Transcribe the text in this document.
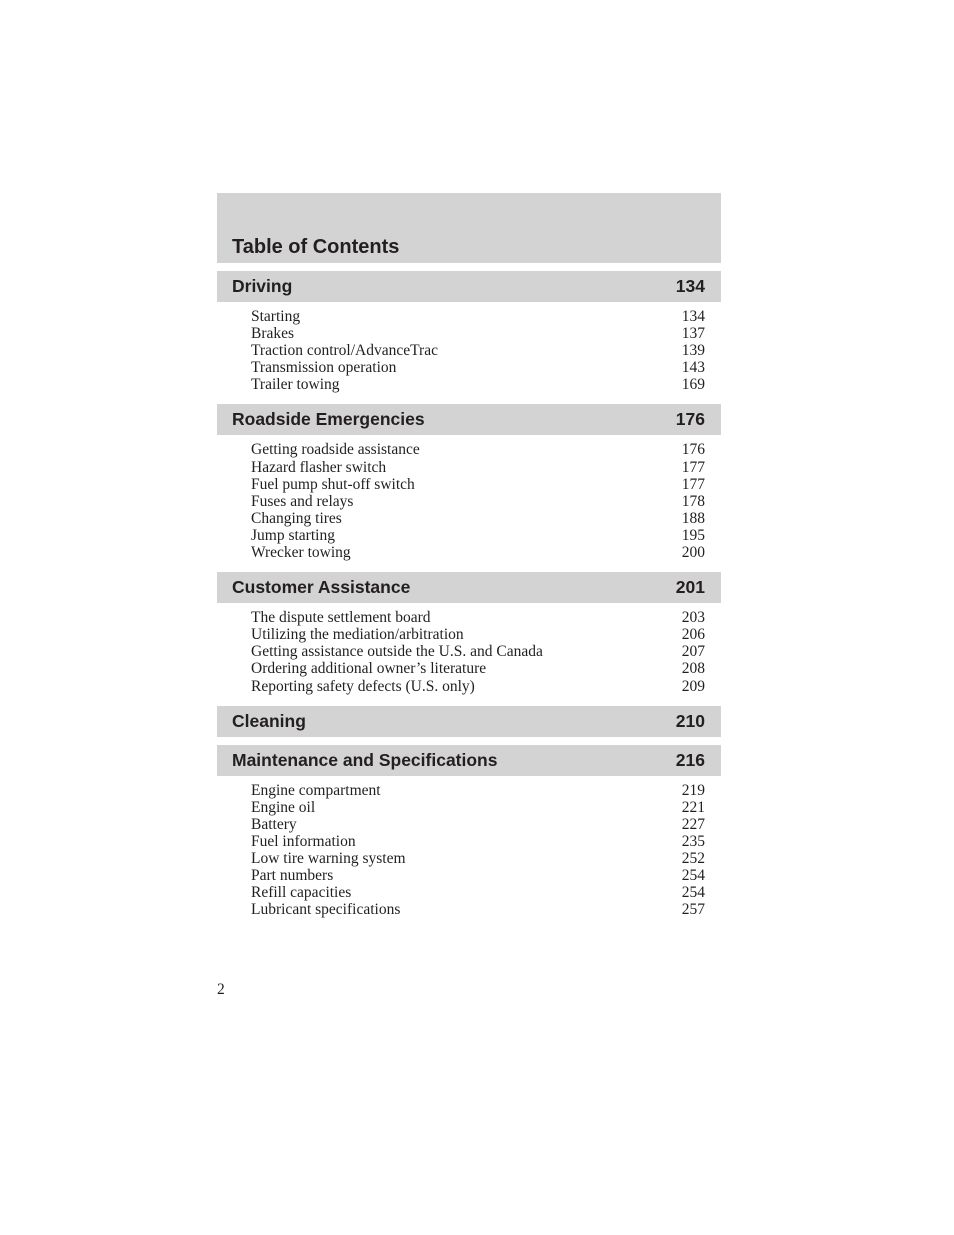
Table of Contents
Driving	134
Starting	134
Brakes	137
Traction control/AdvanceTrac	139
Transmission operation	143
Trailer towing	169
Roadside Emergencies	176
Getting roadside assistance	176
Hazard flasher switch	177
Fuel pump shut-off switch	177
Fuses and relays	178
Changing tires	188
Jump starting	195
Wrecker towing	200
Customer Assistance	201
The dispute settlement board	203
Utilizing the mediation/arbitration	206
Getting assistance outside the U.S. and Canada	207
Ordering additional owner’s literature	208
Reporting safety defects (U.S. only)	209
Cleaning	210
Maintenance and Specifications	216
Engine compartment	219
Engine oil	221
Battery	227
Fuel information	235
Low tire warning system	252
Part numbers	254
Refill capacities	254
Lubricant specifications	257
2
